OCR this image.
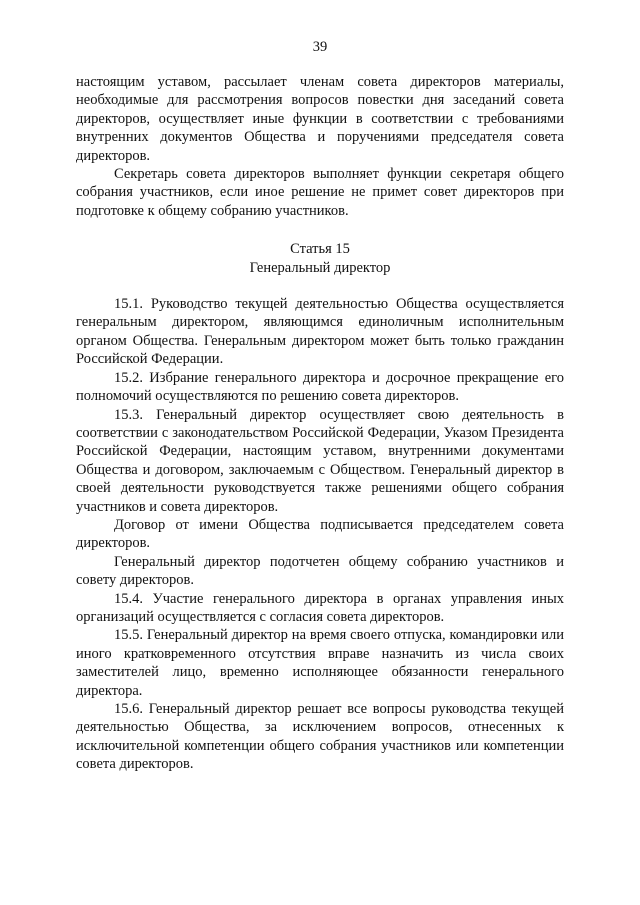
39

настоящим уставом, рассылает членам совета директоров материалы, необходимые для рассмотрения вопросов повестки дня заседаний совета директоров, осуществляет иные функции в соответствии с требованиями внутренних документов Общества и поручениями председателя совета директоров.

Секретарь совета директоров выполняет функции секретаря общего собрания участников, если иное решение не примет совет директоров при подготовке к общему собранию участников.

Статья 15
Генеральный директор

15.1. Руководство текущей деятельностью Общества осуществляется генеральным директором, являющимся единоличным исполнительным органом Общества. Генеральным директором может быть только гражданин Российской Федерации.

15.2. Избрание генерального директора и досрочное прекращение его полномочий осуществляются по решению совета директоров.

15.3. Генеральный директор осуществляет свою деятельность в соответствии с законодательством Российской Федерации, Указом Президента Российской Федерации, настоящим уставом, внутренними документами Общества и договором, заключаемым с Обществом. Генеральный директор в своей деятельности руководствуется также решениями общего собрания участников и совета директоров.

Договор от имени Общества подписывается председателем совета директоров.

Генеральный директор подотчетен общему собранию участников и совету директоров.

15.4. Участие генерального директора в органах управления иных организаций осуществляется с согласия совета директоров.

15.5. Генеральный директор на время своего отпуска, командировки или иного кратковременного отсутствия вправе назначить из числа своих заместителей лицо, временно исполняющее обязанности генерального директора.

15.6. Генеральный директор решает все вопросы руководства текущей деятельностью Общества, за исключением вопросов, отнесенных к исключительной компетенции общего собрания участников или компетенции совета директоров.
